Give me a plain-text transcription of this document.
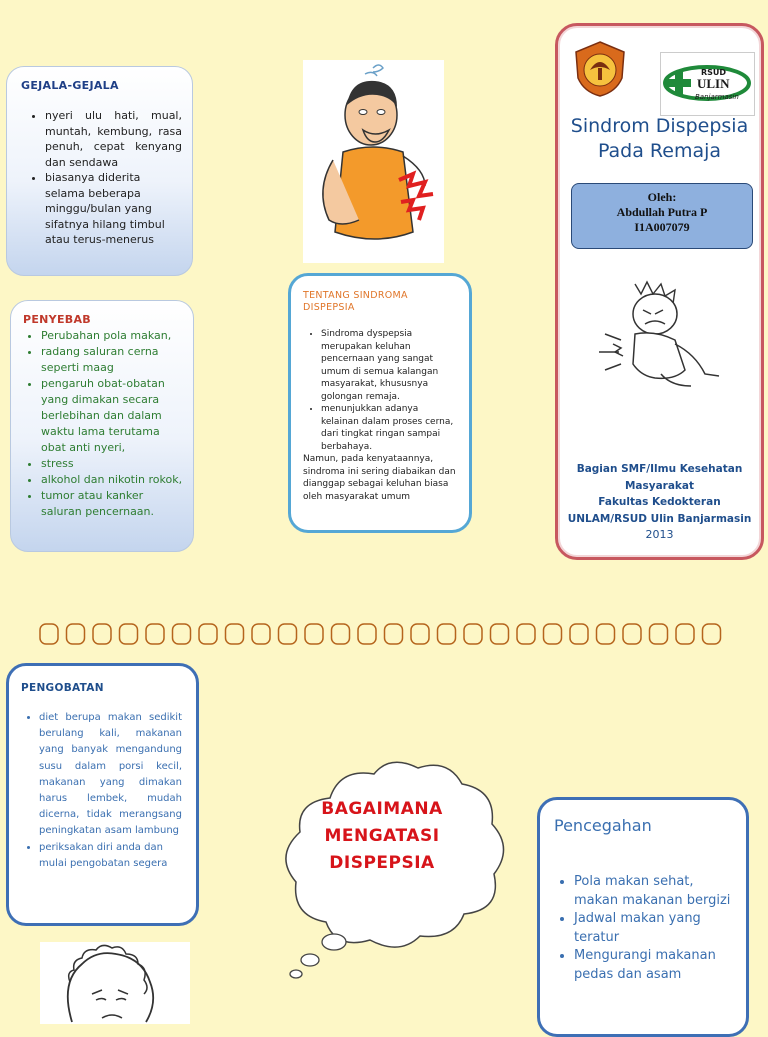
GEJALA-GEJALA
• nyeri ulu hati, mual, muntah, kembung, rasa penuh, cepat kenyang dan sendawa
• biasanya diderita selama beberapa minggu/bulan yang sifatnya hilang timbul atau terus-menerus
PENYEBAB
• Perubahan pola makan,
• radang saluran cerna seperti maag
• pengaruh obat-obatan yang dimakan secara berlebihan dan dalam waktu lama terutama obat anti nyeri,
• stress
• alkohol dan nikotin rokok,
• tumor atau kanker saluran pencernaan.
TENTANG SINDROMA DISPEPSIA
• Sindroma dyspepsia merupakan keluhan pencernaan yang sangat umum di semua kalangan masyarakat, khususnya golongan remaja.
• menunjukkan adanya kelainan dalam proses cerna, dari tingkat ringan sampai berbahaya.
Namun, pada kenyataannya, sindroma ini sering diabaikan dan dianggap sebagai keluhan biasa oleh masyarakat umum
RSUD
ULIN
Banjarmasin
Sindrom Dispepsia
Pada Remaja
Oleh:
Abdullah Putra P
I1A007079
Bagian SMF/Ilmu Kesehatan
Masyarakat
Fakultas Kedokteran
UNLAM/RSUD Ulin Banjarmasin
2013
PENGOBATAN
• diet berupa makan sedikit berulang kali, makanan yang banyak mengandung susu dalam porsi kecil, makanan yang dimakan harus lembek, mudah dicerna, tidak merangsang peningkatan asam lambung
• periksakan diri anda dan mulai pengobatan segera
BAGAIMANA
MENGATASI
DISPEPSIA
Pencegahan
• Pola makan sehat, makan makanan bergizi
• Jadwal makan yang teratur
• Mengurangi makanan pedas dan asam
